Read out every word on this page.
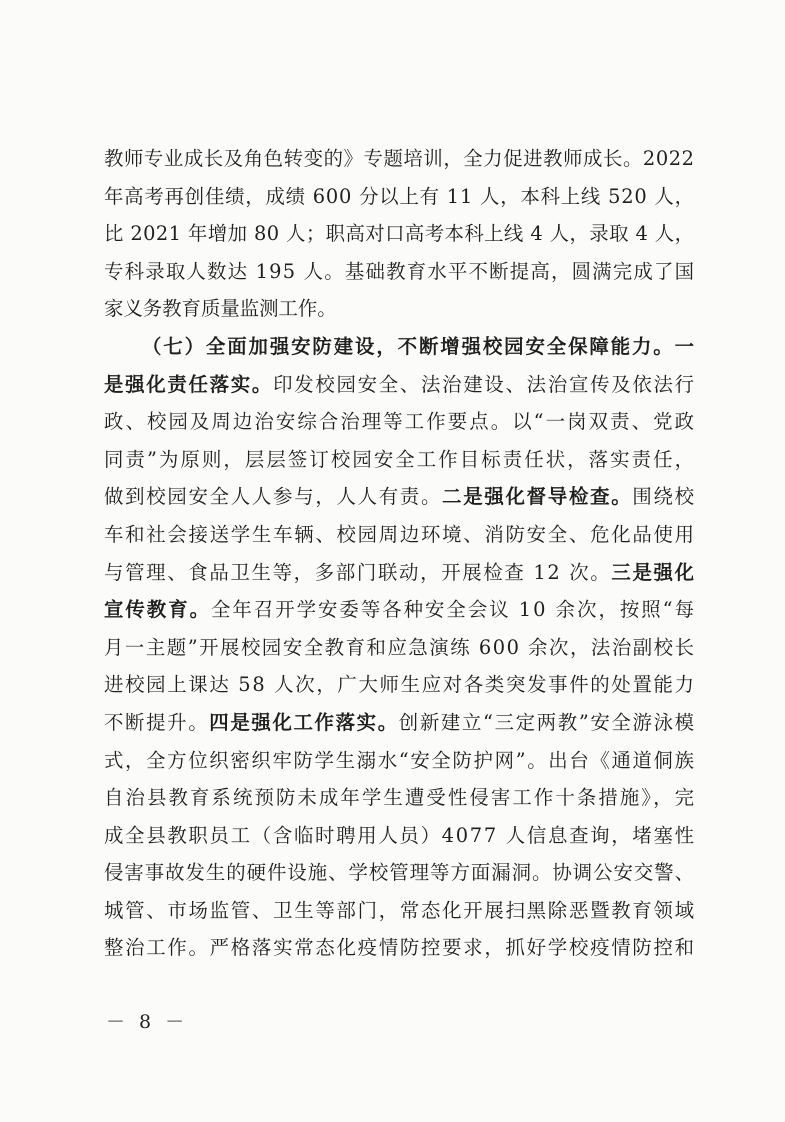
教师专业成长及角色转变的》专题培训，全力促进教师成长。2022
年高考再创佳绩，成绩 600 分以上有 11 人，本科上线 520 人，
比 2021 年增加 80 人；职高对口高考本科上线 4 人，录取 4 人，
专科录取人数达 195 人。基础教育水平不断提高，圆满完成了国
家义务教育质量监测工作。
（七）全面加强安防建设，不断增强校园安全保障能力。一
是强化责任落实。 印发校园安全、法治建设、法治宣传及依法行
政、校园及周边治安综合治理等工作要点。以“一岗双责、党政
同责”为原则，层层签订校园安全工作目标责任状，落实责任，
做到校园安全人人参与，人人有责。 二是强化督导检查。 围绕校
车和社会接送学生车辆、校园周边环境、消防安全、危化品使用
与管理、食品卫生等，多部门联动，开展检查 12 次。 三是强化
宣传教育。 全年召开学安委等各种安全会议 10 余次，按照“每
月一主题”开展校园安全教育和应急演练 600 余次，法治副校长
进校园上课达 58 人次，广大师生应对各类突发事件的处置能力
不断提升。 四是强化工作落实。 创新建立“三定两教”安全游泳模
式，全方位织密织牢防学生溺水“安全防护网”。出台《通道侗族
自治县教育系统预防未成年学生遭受性侵害工作十条措施》，完
成全县教职员工（含临时聘用人员）4077 人信息查询，堵塞性
侵害事故发生的硬件设施、学校管理等方面漏洞。协调公安交警、
城管、市场监管、卫生等部门，常态化开展扫黑除恶暨教育领域
整治工作。严格落实常态化疫情防控要求，抓好学校疫情防控和
－ 8 －
